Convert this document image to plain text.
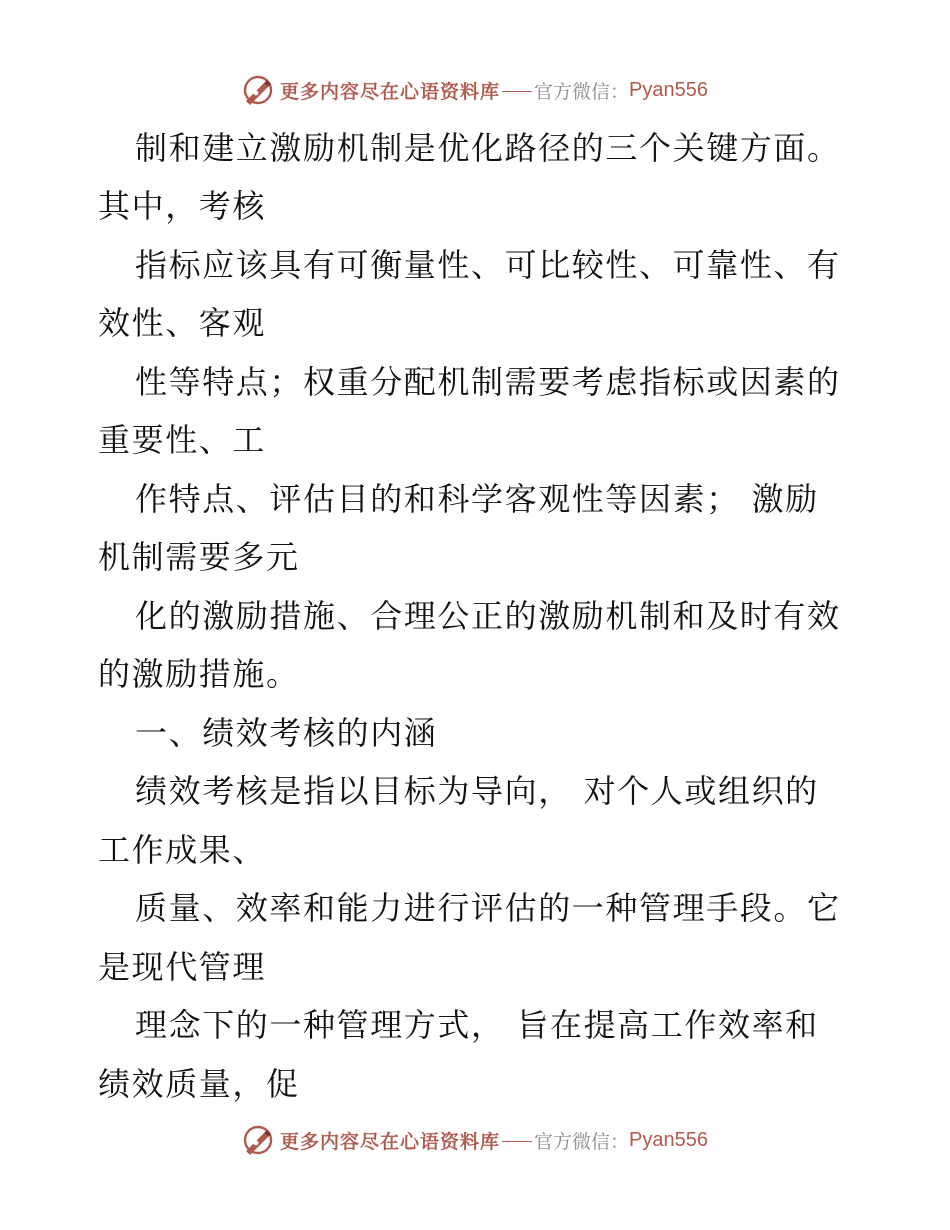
更多内容尽在心语资料库 官方微信： Pyan556
制和建立激励机制是优化路径的三个关键方面。
其中，考核
指标应该具有可衡量性、可比较性、可靠性、有
效性、客观
性等特点；权重分配机制需要考虑指标或因素的
重要性、工
作特点、评估目的和科学客观性等因素； 激励
机制需要多元
化的激励措施、合理公正的激励机制和及时有效
的激励措施。
一、绩效考核的内涵
绩效考核是指以目标为导向， 对个人或组织的
工作成果、
质量、效率和能力进行评估的一种管理手段。它
是现代管理
理念下的一种管理方式， 旨在提高工作效率和
绩效质量，促
更多内容尽在心语资料库 官方微信： Pyan556
